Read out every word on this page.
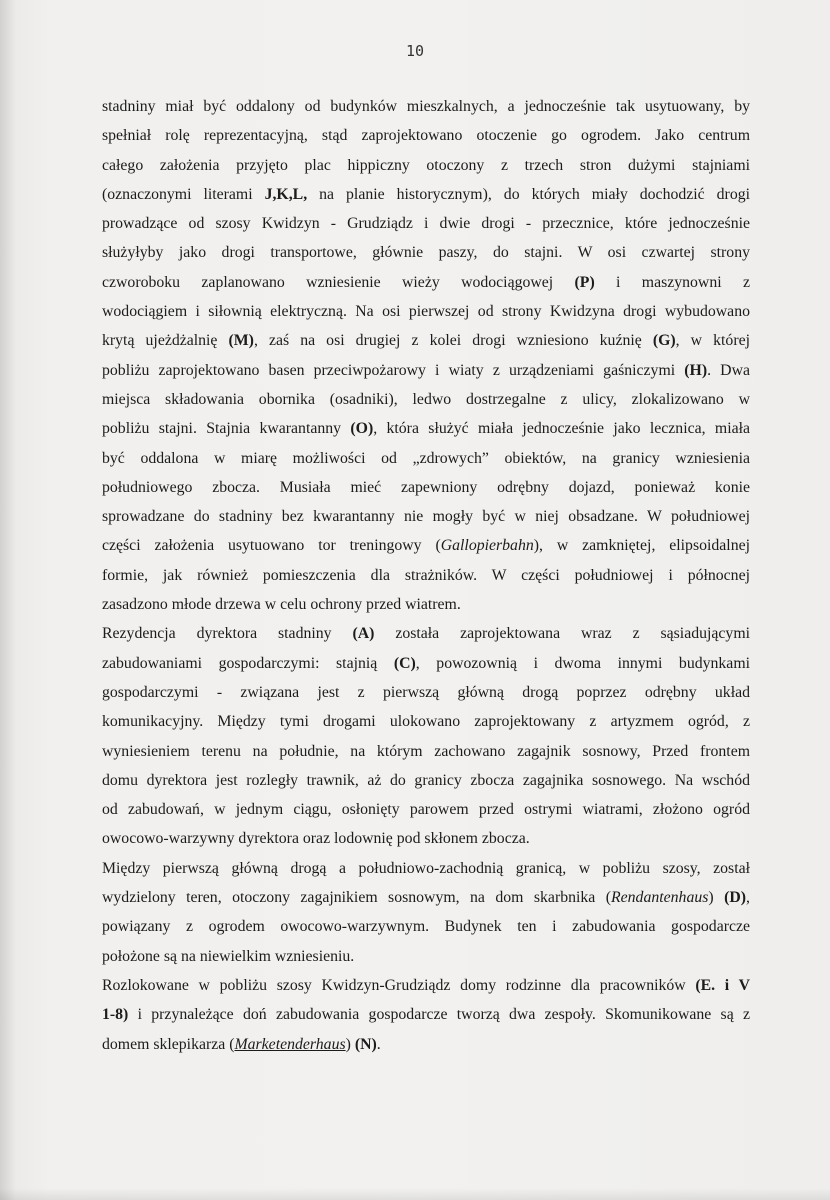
10
stadniny miał być oddalony od budynków mieszkalnych, a jednocześnie tak usytuowany, by
spełniał rolę reprezentacyjną, stąd zaprojektowano otoczenie go ogrodem. Jako centrum
całego założenia przyjęto plac hippiczny otoczony z trzech stron dużymi stajniami
(oznaczonymi literami J,K,L, na planie historycznym), do których miały dochodzić drogi
prowadzące od szosy Kwidzyn - Grudziądz i dwie drogi - przecznice, które jednocześnie
służyłyby jako drogi transportowe, głównie paszy, do stajni. W osi czwartej strony
czworoboku zaplanowano wzniesienie wieży wodociągowej (P) i maszynowni z
wodociągiem i siłownią elektryczną. Na osi pierwszej od strony Kwidzyna drogi wybudowano
krytą ujeżdżalnię (M), zaś na osi drugiej z kolei drogi wzniesiono kuźnię (G), w której
pobliżu zaprojektowano basen przeciwpożarowy i wiaty z urządzeniami gaśniczymi (H). Dwa
miejsca składowania obornika (osadniki), ledwo dostrzegalne z ulicy, zlokalizowano w
pobliżu stajni. Stajnia kwarantanny (O), która służyć miała jednocześnie jako lecznica, miała
być oddalona w miarę możliwości od „zdrowych” obiektów, na granicy wzniesienia
południowego zbocza. Musiała mieć zapewniony odrębny dojazd, ponieważ konie
sprowadzane do stadniny bez kwarantanny nie mogły być w niej obsadzane. W południowej
części założenia usytuowano tor treningowy (Gallopierbahn), w zamkniętej, elipsoidalnej
formie, jak również pomieszczenia dla strażników. W części południowej i północnej
zasadzono młode drzewa w celu ochrony przed wiatrem.
Rezydencja dyrektora stadniny (A) została zaprojektowana wraz z sąsiadującymi
zabudowaniami gospodarczymi: stajnią (C), powozownią i dwoma innymi budynkami
gospodarczymi - związana jest z pierwszą główną drogą poprzez odrębny układ
komunikacyjny. Między tymi drogami ulokowano zaprojektowany z artyzmem ogród, z
wyniesieniem terenu na południe, na którym zachowano zagajnik sosnowy, Przed frontem
domu dyrektora jest rozległy trawnik, aż do granicy zbocza zagajnika sosnowego. Na wschód
od zabudowań, w jednym ciągu, osłonięty parowem przed ostrymi wiatrami, złożono ogród
owocowo-warzywny dyrektora oraz lodownię pod skłonem zbocza.
Między pierwszą główną drogą a południowo-zachodnią granicą, w pobliżu szosy, został
wydzielony teren, otoczony zagajnikiem sosnowym, na dom skarbnika (Rendantenhaus) (D),
powiązany z ogrodem owocowo-warzywnym. Budynek ten i zabudowania gospodarcze
położone są na niewielkim wzniesieniu.
Rozlokowane w pobliżu szosy Kwidzyn-Grudziądz domy rodzinne dla pracowników (E. i V
1-8) i przynależące doń zabudowania gospodarcze tworzą dwa zespoły. Skomunikowane są z
domem sklepikarza (Marketenderhaus) (N).
